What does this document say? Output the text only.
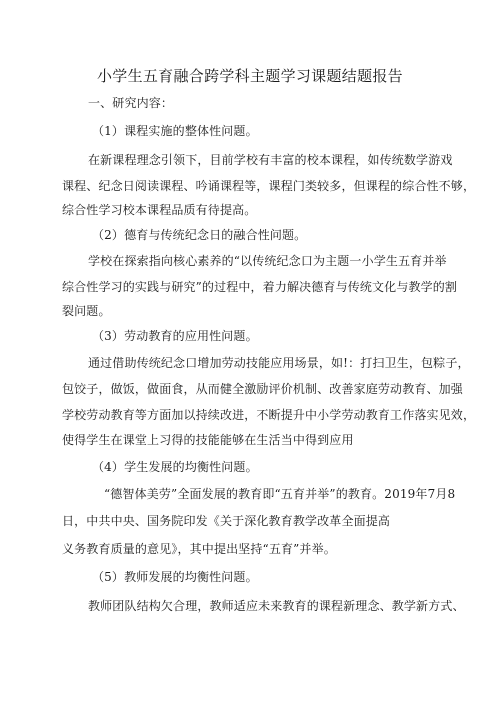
小学生五育融合跨学科主题学习课题结题报告
一、研究内容：
（1）课程实施的整体性问题。
在新课程理念引领下，目前学校有丰富的校本课程，如传统数学游戏
课程、纪念日阅读课程、吟诵课程等，课程门类较多，但课程的综合性不够，
综合性学习校本课程品质有待提高。
（2）德育与传统纪念日的融合性问题。
学校在探索指向核心素养的“以传统纪念口为主题一小学生五育并举
综合性学习的实践与研究”的过程中，着力解决德育与传统文化与教学的割
裂问题。
（3）劳动教育的应用性问题。
通过借助传统纪念口增加劳动技能应用场景，如!：打扫卫生，包粽子，
包饺子，做饭，做面食，从而健全激励评价机制、改善家庭劳动教育、加强
学校劳动教育等方面加以持续改进，不断提升中小学劳动教育工作落实见效，
使得学生在课堂上习得的技能能够在生活当中得到应用
（4）学生发展的均衡性问题。
“德智体美劳”全面发展的教育即“五育并举”的教育。2019年7月8
日，中共中央、国务院印发《关于深化教育教学改革全面提高
义务教育质量的意见》，其中提出坚持“五育”并举。
（5）教师发展的均衡性问题。
教师团队结构欠合理，教师适应未来教育的课程新理念、教学新方式、
